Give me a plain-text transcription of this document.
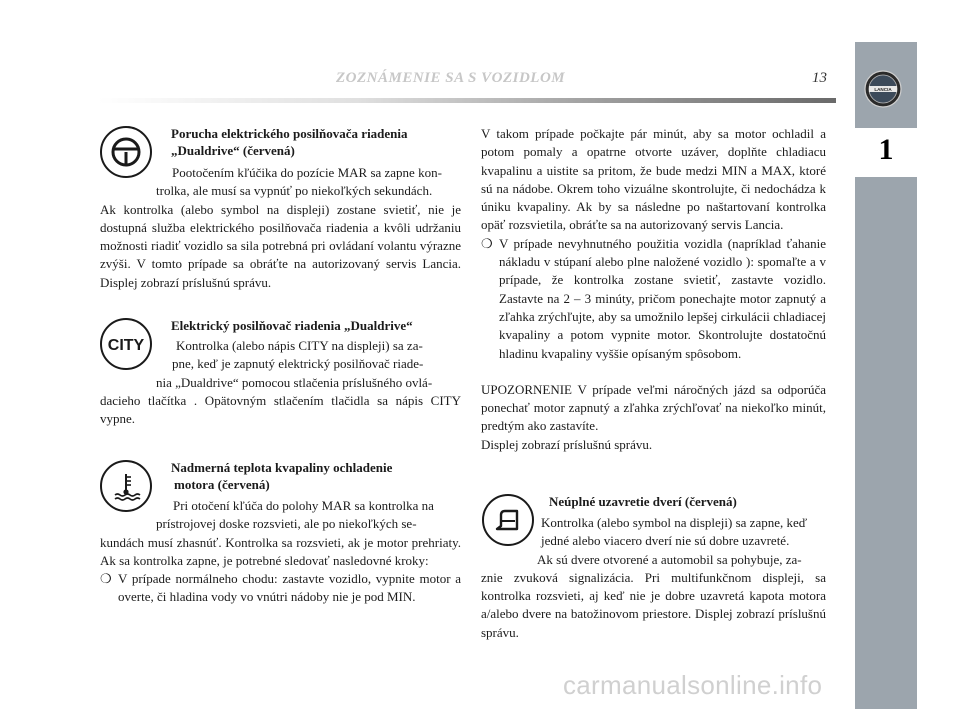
ZOZNÁMENIE SA S VOZIDLOM	13
1
LANCIA
Porucha elektrického posilňovača riadenia
„Dualdrive“ (červená)

Pootočením kľúčika do pozície MAR sa zapne kon-

trolka, ale musí sa vypnúť po niekoľkých sekundách.

Ak kontrolka (alebo symbol na displeji) zostane svietiť, nie je dostupná služba elektrického posilňovača riadenia a kvôli udržaniu možnosti riadiť vozidlo sa sila potrebná pri ovládaní volantu výrazne zvýši. V tomto prípade sa obráťte na autorizovaný servis Lancia. Displej zobrazí príslušnú správu.

CITY
Elektrický posilňovač riadenia „Dualdrive“

Kontrolka (alebo nápis CITY na displeji) sa za-

pne, keď je zapnutý elektrický posilňovač riade-

nia „Dualdrive“ pomocou stlačenia príslušného ovlá-

dacieho tlačítka . Opätovným stlačením tlačidla sa nápis CITY vypne.

Nadmerná teplota kvapaliny ochladenie
motora (červená)

Pri otočení kľúča do polohy MAR sa kontrolka na

prístrojovej doske rozsvieti, ale po niekoľkých se-

kundách musí zhasnúť. Kontrolka sa rozsvieti, ak je motor prehriaty. Ak sa kontrolka zapne, je potrebné sledovať nasledovné kroky:

❍ V prípade normálneho chodu: zastavte vozidlo, vypnite motor a overte, či hladina vody vo vnútri nádoby nie je pod MIN.

V takom prípade počkajte pár minút, aby sa motor ochladil a potom pomaly a opatrne otvorte uzáver, doplňte chladiacu kvapalinu a uistite sa pritom, že bude medzi MIN a MAX, ktoré sú na nádobe. Okrem toho vizuálne skontrolujte, či nedochádza k úniku kvapaliny. Ak by sa následne po naštartovaní kontrolka opäť rozsvietila, obráťte sa na autorizovaný servis Lancia.

❍ V prípade nevyhnutného použitia vozidla (napríklad ťahanie nákladu v stúpaní alebo plne naložené vozidlo ): spomaľte a v prípade, že kontrolka zostane svietiť, zastavte vozidlo. Zastavte na 2 – 3 minúty, pričom ponechajte motor zapnutý a zľahka zrýchľujte, aby sa umožnilo lepšej cirkulácii chladiacej kvapaliny a potom vypnite motor. Skontrolujte dostatočnú hladinu kvapaliny vyššie opísaným spôsobom.

UPOZORNENIE V prípade veľmi náročných jázd sa odporúča ponechať motor zapnutý a zľahka zrýchľovať na niekoľko minút, predtým ako zastavíte.

Displej zobrazí príslušnú správu.

Neúplné uzavretie dverí (červená)

Kontrolka (alebo symbol na displeji) sa zapne, keď

jedné alebo viacero dverí nie sú dobre uzavreté.

Ak sú dvere otvorené a automobil sa pohybuje, za-

znie zvuková signalizácia. Pri multifunkčnom displeji, sa kontrolka rozsvieti, aj keď nie je dobre uzavretá kapota motora a/alebo dvere na batožinovom priestore. Displej zobrazí príslušnú správu.

carmanualsonline.info
